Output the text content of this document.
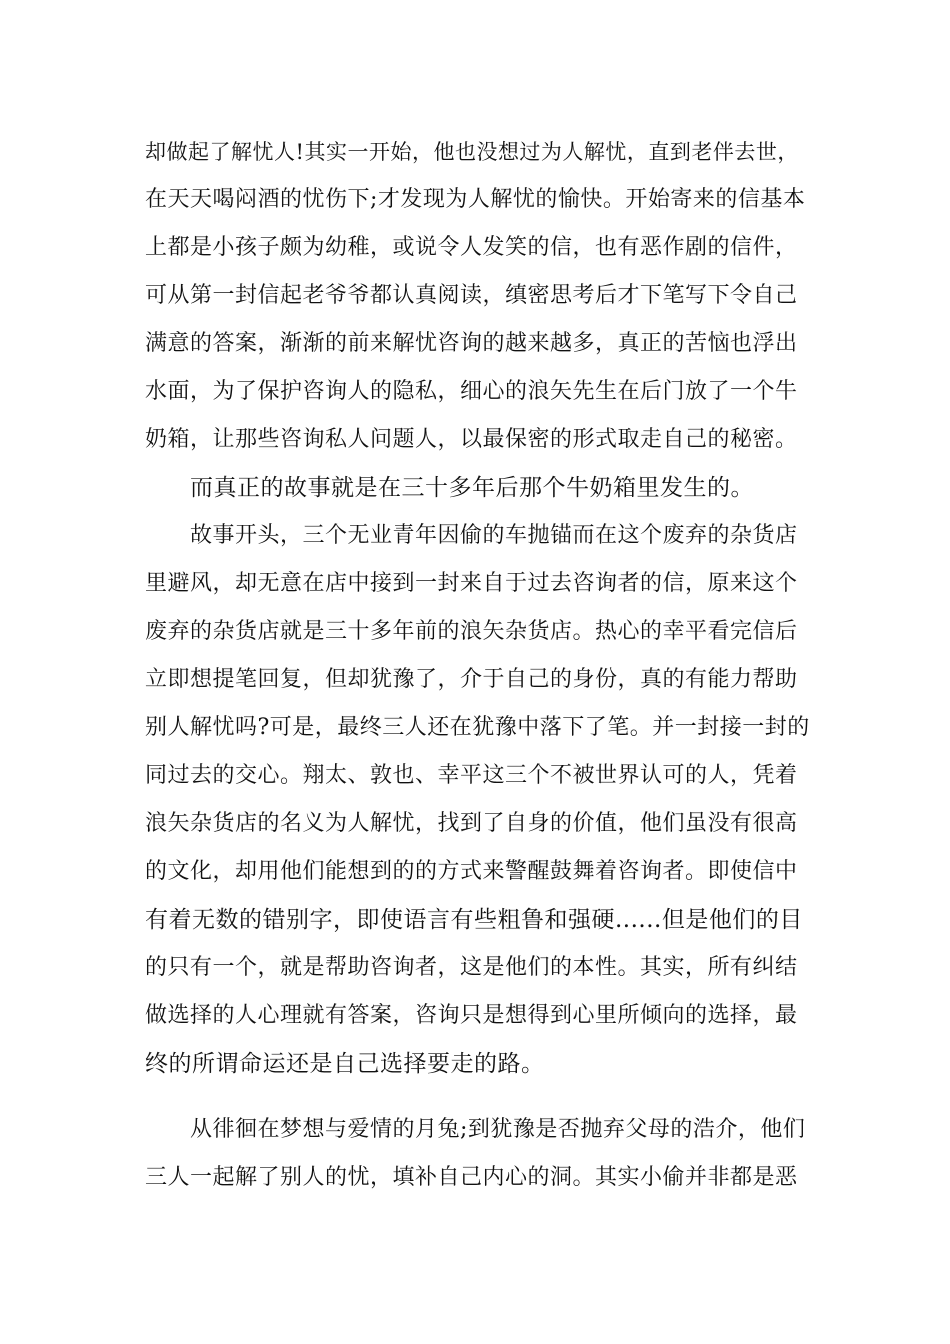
却做起了解忧人!其实一开始，他也没想过为人解忧，直到老伴去世，
在天天喝闷酒的忧伤下;才发现为人解忧的愉快。开始寄来的信基本
上都是小孩子颇为幼稚，或说令人发笑的信，也有恶作剧的信件，
可从第一封信起老爷爷都认真阅读，缜密思考后才下笔写下令自己
满意的答案，渐渐的前来解忧咨询的越来越多，真正的苦恼也浮出
水面，为了保护咨询人的隐私，细心的浪矢先生在后门放了一个牛
奶箱，让那些咨询私人问题人，以最保密的形式取走自己的秘密。
而真正的故事就是在三十多年后那个牛奶箱里发生的。
故事开头，三个无业青年因偷的车抛锚而在这个废弃的杂货店
里避风，却无意在店中接到一封来自于过去咨询者的信，原来这个
废弃的杂货店就是三十多年前的浪矢杂货店。热心的幸平看完信后
立即想提笔回复，但却犹豫了，介于自己的身份，真的有能力帮助
别人解忧吗?可是，最终三人还在犹豫中落下了笔。并一封接一封的
同过去的交心。翔太、敦也、幸平这三个不被世界认可的人，凭着
浪矢杂货店的名义为人解忧，找到了自身的价值，他们虽没有很高
的文化，却用他们能想到的的方式来警醒鼓舞着咨询者。即使信中
有着无数的错别字，即使语言有些粗鲁和强硬......但是他们的目
的只有一个，就是帮助咨询者，这是他们的本性。其实，所有纠结
做选择的人心理就有答案，咨询只是想得到心里所倾向的选择，最
终的所谓命运还是自己选择要走的路。
从徘徊在梦想与爱情的月兔;到犹豫是否抛弃父母的浩介，他们
三人一起解了别人的忧，填补自己内心的洞。其实小偷并非都是恶
